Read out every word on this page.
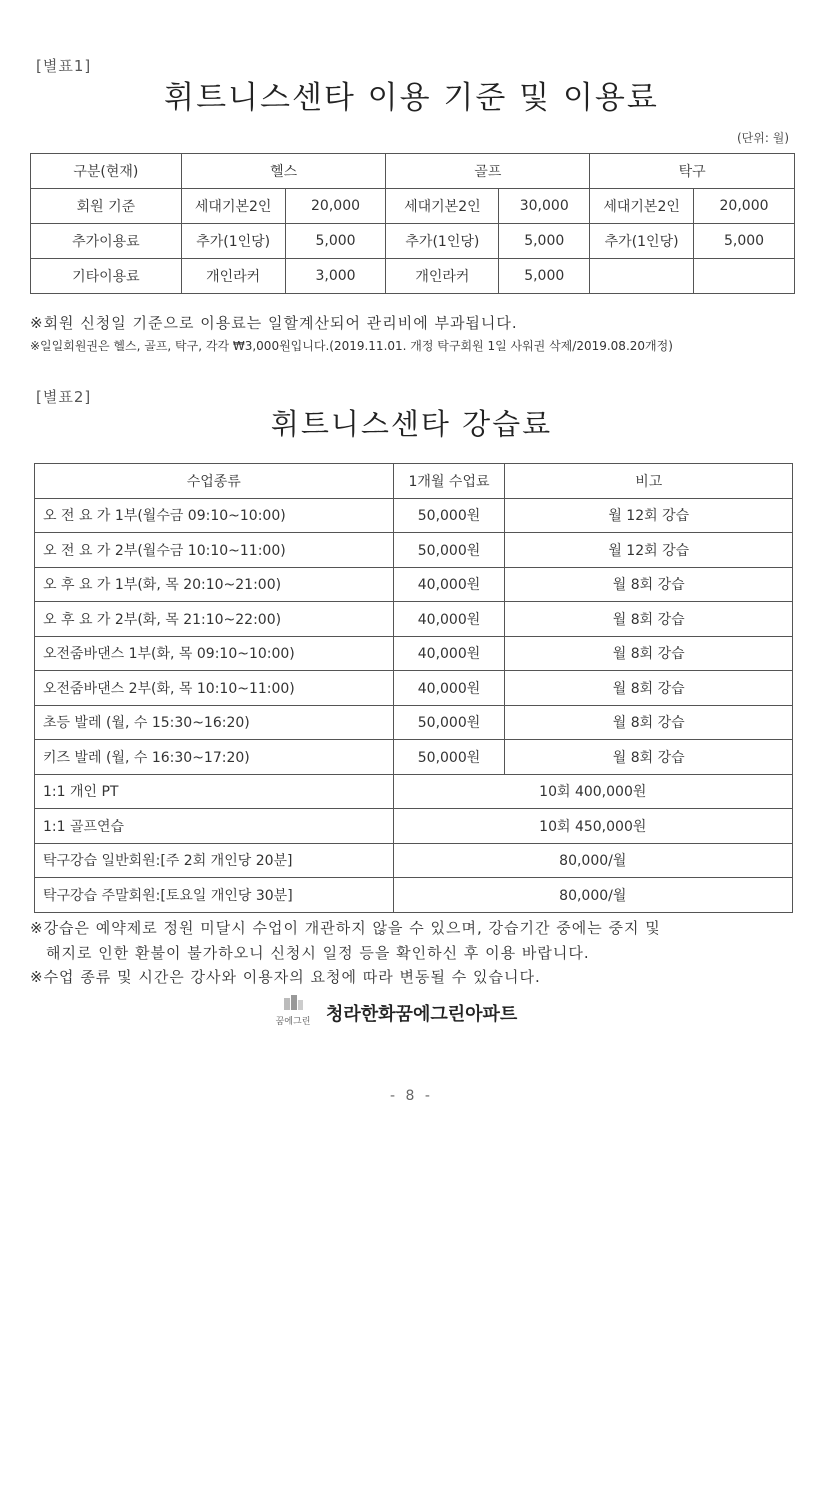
[별표1]
휘트니스센타 이용 기준 및 이용료
(단위: 월)
구분(현재)	헬스		골프		탁구	
회원 기준	세대기본2인	20,000	세대기본2인	30,000	세대기본2인	20,000
추가이용료	추가(1인당)	5,000	추가(1인당)	5,000	추가(1인당)	5,000
기타이용료	개인라커	3,000	개인라커	5,000		
※회원 신청일 기준으로 이용료는 일할계산되어 관리비에 부과됩니다.
※일일회원권은 헬스, 골프, 탁구, 각각 ₩3,000원입니다.(2019.11.01. 개정 탁구회원 1일 사워권 삭제/2019.08.20개정)
[별표2]
휘트니스센타 강습료
수업종류	1개월 수업료	비고
오 전 요 가 1부(월수금 09:10~10:00)	50,000원	월 12회 강습
오 전 요 가 2부(월수금 10:10~11:00)	50,000원	월 12회 강습
오 후 요 가 1부(화, 목 20:10~21:00)	40,000원	월 8회 강습
오 후 요 가 2부(화, 목 21:10~22:00)	40,000원	월 8회 강습
오전줌바댄스 1부(화, 목 09:10~10:00)	40,000원	월 8회 강습
오전줌바댄스 2부(화, 목 10:10~11:00)	40,000원	월 8회 강습
초등 발레 (월, 수 15:30~16:20)	50,000원	월 8회 강습
키즈 발레 (월, 수 16:30~17:20)	50,000원	월 8회 강습
1:1 개인 PT	10회 400,000원	
1:1 골프연습	10회 450,000원	
탁구강습 일반회원:[주 2회 개인당 20분]	80,000/월	
탁구강습 주말회원:[토요일 개인당 30분]	80,000/월	
※강습은 예약제로 정원 미달시 수업이 개관하지 않을 수 있으며, 강습기간 중에는 중지 및
해지로 인한 환불이 불가하오니 신청시 일정 등을 확인하신 후 이용 바랍니다.
※수업 종류 및 시간은 강사와 이용자의 요청에 따라 변동될 수 있습니다.
꿈에그린 청라한화꿈에그린아파트
- 8 -
